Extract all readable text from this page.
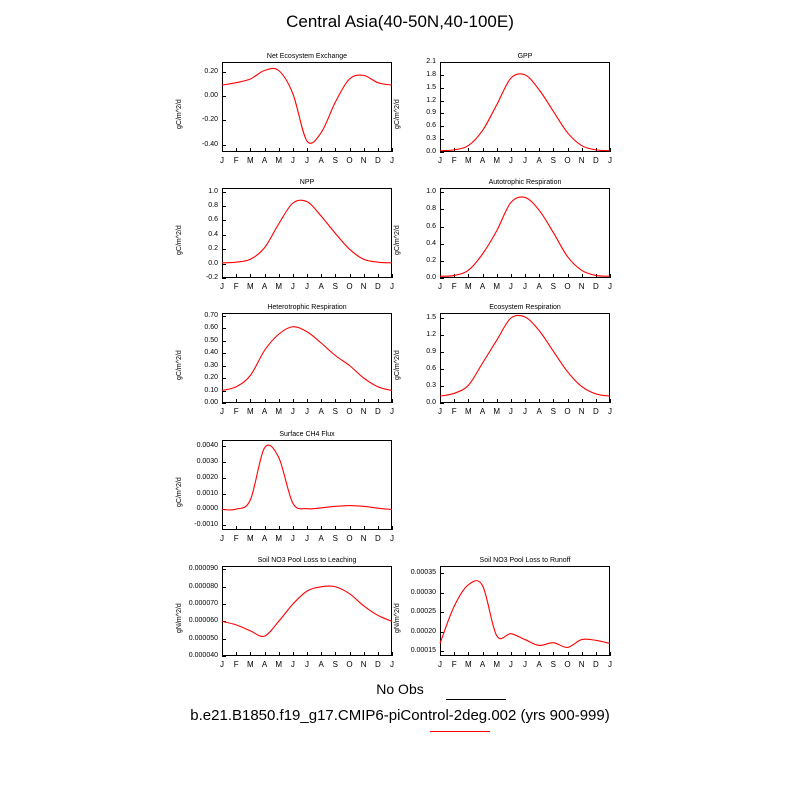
Central Asia(40-50N,40-100E)
Net Ecosystem Exchange
gC/m^2/d
-0.40
-0.20
0.00
0.20
J	F	M	A	M	J	J	A	S	O	N	D	J
GPP
gC/m^2/d
0.0
0.3
0.6
0.9
1.2
1.5
1.8
2.1
J	F	M	A	M	J	J	A	S	O	N	D	J
NPP
gC/m^2/d
-0.2
0.0
0.2
0.4
0.6
0.8
1.0
J	F	M	A	M	J	J	A	S	O	N	D	J
Autotrophic Respiration
gC/m^2/d
0.0
0.2
0.4
0.6
0.8
1.0
J	F	M	A	M	J	J	A	S	O	N	D	J
Heterotrophic Respiration
gC/m^2/d
0.00
0.10
0.20
0.30
0.40
0.50
0.60
0.70
J	F	M	A	M	J	J	A	S	O	N	D	J
Ecosystem Respiration
gC/m^2/d
0.0
0.3
0.6
0.9
1.2
1.5
J	F	M	A	M	J	J	A	S	O	N	D	J
Surface CH4 Flux
gC/m^2/d
-0.0010
0.0000
0.0010
0.0020
0.0030
0.0040
J	F	M	A	M	J	J	A	S	O	N	D	J
Soil NO3 Pool Loss to Leaching
gN/m^2/d
0.000040
0.000050
0.000060
0.000070
0.000080
0.000090
J	F	M	A	M	J	J	A	S	O	N	D	J
Soil NO3 Pool Loss to Runoff
gN/m^2/d
0.00015
0.00020
0.00025
0.00030
0.00035
J	F	M	A	M	J	J	A	S	O	N	D	J
No Obs
b.e21.B1850.f19_g17.CMIP6-piControl-2deg.002 (yrs 900-999)
